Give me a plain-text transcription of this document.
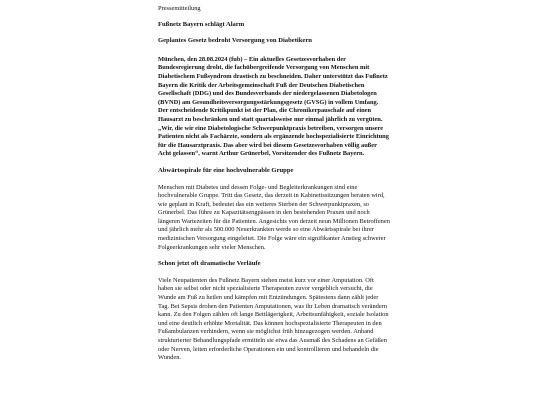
Pressemitteilung
Fußnetz Bayern schlägt Alarm
Geplantes Gesetz bedroht Versorgung von Diabetikern

München, den 28.08.2024 (fub) – Ein aktuelles Gesetzesvorhaben der Bundesregierung droht, die fachübergreifende Versorgung von Menschen mit Diabetischem Fußsyndrom drastisch zu beschneiden. Daher unterstützt das Fußnetz Bayern die Kritik der Arbeitsgemeinschaft Fuß der Deutschen Diabetischen Gesellschaft (DDG) und des Bundesverbands der niedergelassenen Diabetologen (BVND) am Gesundheitsversorgungsstärkungsgesetz (GVSG) in vollem Umfang. Der entscheidende Kritikpunkt ist der Plan, die Chronikerpauschale auf einen Hausarzt zu beschränken und statt quartalsweise nur einmal jährlich zu vergüten. „Wir, die wir eine Diabetologische Schwerpunktpraxis betreiben, versorgen unsere Patienten nicht als Fachärzte, sondern als ergänzende hochspezialisierte Einrichtung für die Hausarztpraxis. Das aber wird bei diesem Gesetzesvorhaben völlig außer Acht gelassen“, warnt Arthur Grünerbel, Vorsitzender des Fußnetz Bayern.

Abwärtsspirale für eine hochvulnerable Gruppe

Menschen mit Diabetes und dessen Folge- und Begleiterkrankungen sind eine hochvulnerable Gruppe. Tritt das Gesetz, das derzeit in Kabinettssitzungen beraten wird, wie geplant in Kraft, bedeutet das ein weiteres Sterben der Schwerpunktpraxen, so Grünerbel. Das führe zu Kapazitätsengpässen in den bestehenden Praxen und noch längeren Wartezeiten für die Patienten. Angesichts von derzeit neun Millionen Betroffenen und jährlich mehr als 500.000 Neuerkrankten werde so eine Abwärtsspirale bei ihrer medizinischen Versorgung eingeleitet. Die Folge wäre ein signifikanter Anstieg schwerer Folgeerkrankungen sehr vieler Menschen.

Schon jetzt oft dramatische Verläufe

Viele Neupatienten des Fußnetz Bayern stehen meist kurz vor einer Amputation. Oft haben sie selbst oder nicht spezialisierte Therapeuten zuvor vergeblich versucht, die Wunde am Fuß zu heilen und kämpfen mit Entzündungen. Spätestens dann zählt jeder Tag. Bei Sepsis drohen den Patienten Amputationen, was ihr Leben dramatisch verändern kann. Zu den Folgen zählen oft lange Bettlägerigkeit, Arbeitsunfähigkeit, soziale Isolation und eine deutlich erhöhte Mortalität. Das können hochspezialisierte Therapeuten in den Fußambulanzen verhindern, wenn sie möglichst früh hinzugezogen werden. Anhand strukturierter Behandlungspfade ermitteln sie etwa das Ausmaß des Schadens an Gefäßen oder Nerven, leiten erforderliche Operationen ein und kontrollieren und behandeln die Wunden.
